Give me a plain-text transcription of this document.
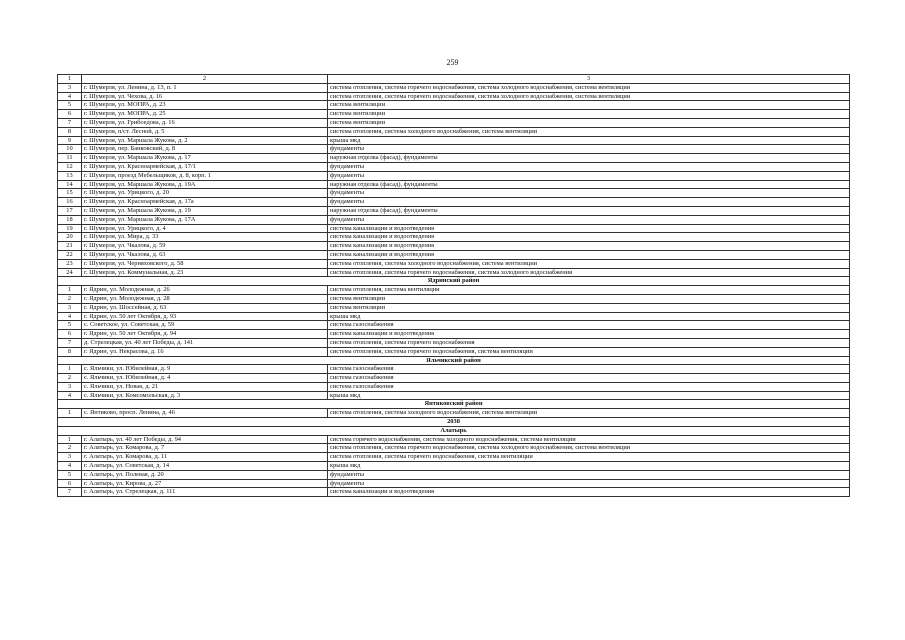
259
1	2	3
3	г. Шумерля, ул. Ленина, д. 13, п. 1	система отопления, система горячего водоснабжения, система холодного водоснабжения, система вентиляции
4	г. Шумерля, ул. Чехова, д. 16	система отопления, система горячего водоснабжения, система холодного водоснабжения, система вентиляции
5	г. Шумерля, ул. МОПРА, д. 23	система вентиляции
6	г. Шумерля, ул. МОПРА, д. 25	система вентиляции
7	г. Шумерля, ул. Грибоедова, д. 16	система вентиляции
8	г. Шумерля, п/ст. Лесной, д. 5	система отопления, система холодного водоснабжения, система вентиляции
9	г. Шумерля, ул. Маршала Жукова, д. 2	крыша мкд
10	г. Шумерля, пер. Банковский, д. 8	фундаменты
11	г. Шумерля, ул. Маршала Жукова, д. 17	наружная отделка (фасад), фундаменты
12	г. Шумерля, ул. Красноармейская, д. 17/1	фундаменты
13	г. Шумерля, проезд Мебельщиков, д. 8, корп. 1	фундаменты
14	г. Шумерля, ул. Маршала Жукова, д. 19А	наружная отделка (фасад), фундаменты
15	г. Шумерля, ул. Урицкого, д. 20	фундаменты
16	г. Шумерля, ул. Красноармейская, д. 17а	фундаменты
17	г. Шумерля, ул. Маршала Жукова, д. 19	наружная отделка (фасад), фундаменты
18	г. Шумерля, ул. Маршала Жукова, д. 17А	фундаменты
19	г. Шумерля, ул. Урицкого, д. 4	система канализации и водоотведения
20	г. Шумерля, ул. Мира, д. 33	система канализации и водоотведения
21	г. Шумерля, ул. Чкалова, д. 59	система канализации и водоотведения
22	г. Шумерля, ул. Чкалова, д. 63	система канализации и водоотведения
23	г. Шумерля, ул. Черняховского, д. 58	система отопления, система холодного водоснабжения, система вентиляции
24	г. Шумерля, ул. Коммунальная, д. 23	система отопления, система горячего водоснабжения, система холодного водоснабжения
Ядринский район		
1	г. Ядрин, ул. Молодежная, д. 26	система отопления, система вентиляции
2	г. Ядрин, ул. Молодежная, д. 28	система вентиляции
3	г. Ядрин, ул. Шоссейная, д. 63	система вентиляции
4	г. Ядрин, ул. 50 лет Октября, д. 93	крыша мкд
5	с. Советское, ул. Советская, д. 59	система газоснабжения
6	г. Ядрин, ул. 50 лет Октября, д. 94	система канализации и водоотведения
7	д. Стрелецкая, ул. 40 лет Победы, д. 141	система отопления, система горячего водоснабжения
8	г. Ядрин, ул. Некрасова, д. 16	система отопления, система горячего водоснабжения, система вентиляции
Яльчикский район		
1	с. Яльчики, ул. Юбилейная, д. 9	система газоснабжения
2	с. Яльчики, ул. Юбилейная, д. 4	система газоснабжения
3	с. Яльчики, ул. Новая, д. 21	система газоснабжения
4	с. Яльчики, ул. Комсомольская, д. 3	крыша мкд
Янтиковский район		
1	с. Янтиково, просп. Ленина, д. 46	система отопления, система холодного водоснабжения, система вентиляции
2038		
Алатырь		
1	г. Алатырь, ул. 40 лет Победы, д. 94	система горячего водоснабжения, система холодного водоснабжения, система вентиляции
2	г. Алатырь, ул. Комарова, д. 7	система отопления, система горячего водоснабжения, система холодного водоснабжения, система вентиляции
3	г. Алатырь, ул. Комарова, д. 11	система отопления, система горячего водоснабжения, система вентиляции
4	г. Алатырь, ул. Советская, д. 14	крыша мкд
5	г. Алатырь, ул. Полевая, д. 20	фундаменты
6	г. Алатырь, ул. Кирова, д. 27	фундаменты
7	г. Алатырь, ул. Стрелецкая, д. 111	система канализации и водоотведения
